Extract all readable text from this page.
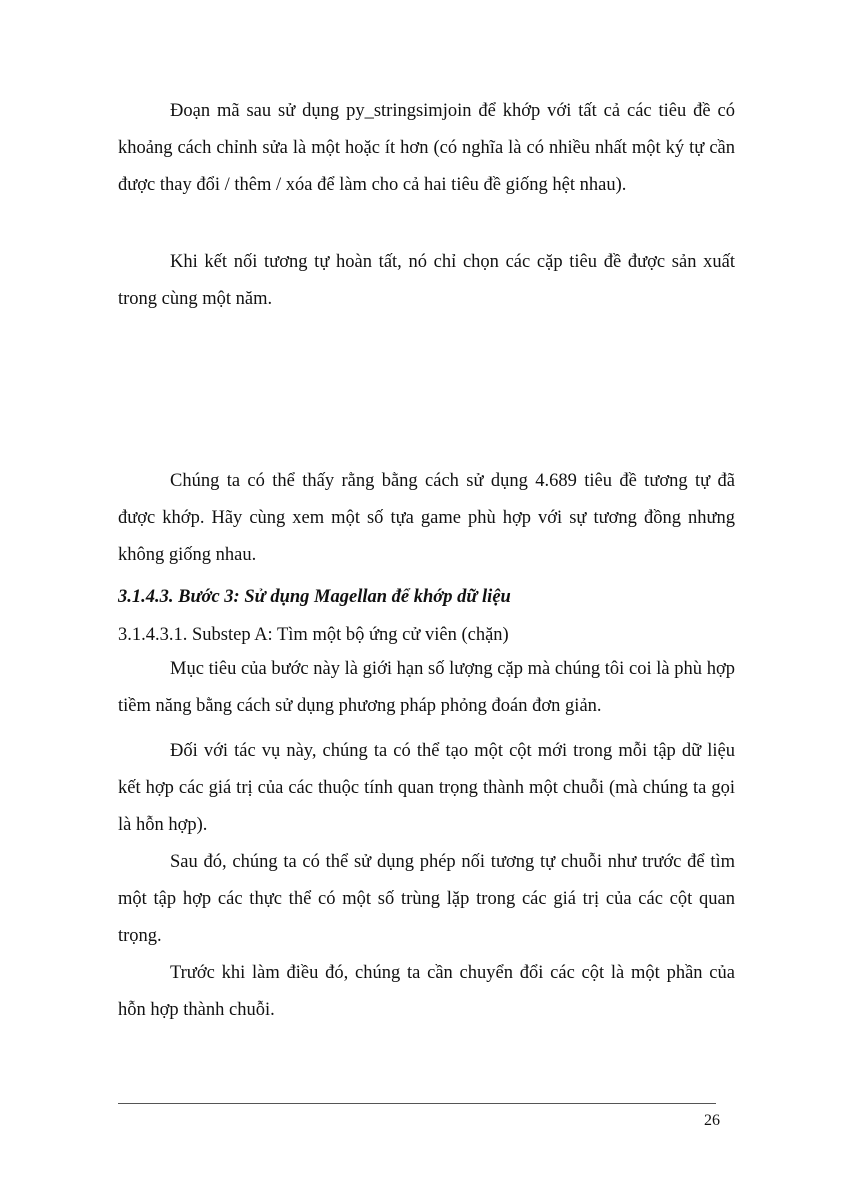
Đoạn mã sau sử dụng py_stringsimjoin để khớp với tất cả các tiêu đề có khoảng cách chỉnh sửa là một hoặc ít hơn (có nghĩa là có nhiều nhất một ký tự cần được thay đổi / thêm / xóa để làm cho cả hai tiêu đề giống hệt nhau).

Khi kết nối tương tự hoàn tất, nó chỉ chọn các cặp tiêu đề được sản xuất trong cùng một năm.

Chúng ta có thể thấy rằng bằng cách sử dụng 4.689 tiêu đề tương tự đã được khớp. Hãy cùng xem một số tựa game phù hợp với sự tương đồng nhưng không giống nhau.

3.1.4.3. Bước 3: Sử dụng Magellan để khớp dữ liệu

3.1.4.3.1. Substep A: Tìm một bộ ứng cử viên (chặn)

Mục tiêu của bước này là giới hạn số lượng cặp mà chúng tôi coi là phù hợp tiềm năng bằng cách sử dụng phương pháp phỏng đoán đơn giản.

Đối với tác vụ này, chúng ta có thể tạo một cột mới trong mỗi tập dữ liệu kết hợp các giá trị của các thuộc tính quan trọng thành một chuỗi (mà chúng ta gọi là hỗn hợp).

Sau đó, chúng ta có thể sử dụng phép nối tương tự chuỗi như trước để tìm một tập hợp các thực thể có một số trùng lặp trong các giá trị của các cột quan trọng.

Trước khi làm điều đó, chúng ta cần chuyển đổi các cột là một phần của hỗn hợp thành chuỗi.

26
